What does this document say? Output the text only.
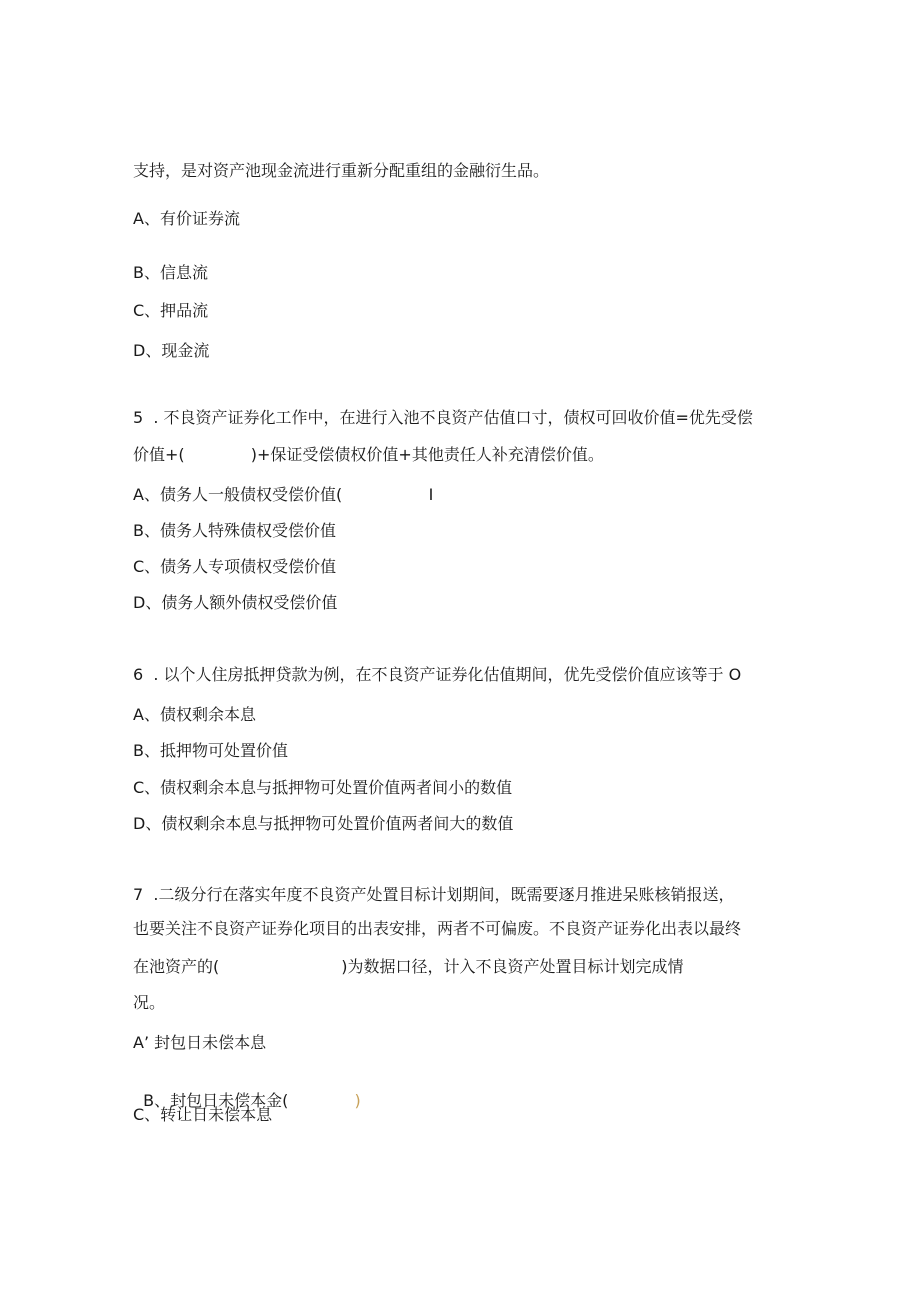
支持，是对资产池现金流进行重新分配重组的金融衍生品。
A、有价证券流
B、信息流
C、押品流
D、现金流
5  . 不良资产证券化工作中，在进行入池不良资产估值口寸，债权可回收价值=优先受偿
价值+(             )+保证受偿债权价值+其他责任人补充清偿价值。
A、债务人一般债权受偿价值(                 I
B、债务人特殊债权受偿价值
C、债务人专项债权受偿价值
D、债务人额外债权受偿价值
6  . 以个人住房抵押贷款为例，在不良资产证券化估值期间，优先受偿价值应该等于 O
A、债权剩余本息
B、抵押物可处置价值
C、债权剩余本息与抵押物可处置价值两者间小的数值
D、债权剩余本息与抵押物可处置价值两者间大的数值
7  .二级分行在落实年度不良资产处置目标计划期间，既需要逐月推进呆账核销报送，
也要关注不良资产证券化项目的出表安排，两者不可偏废。不良资产证券化出表以最终
在池资产的(                        )为数据口径，计入不良资产处置目标计划完成情
况。
A’ 封包日未偿本息

B、封包日未偿本金(             )

C、转让日未偿本息
